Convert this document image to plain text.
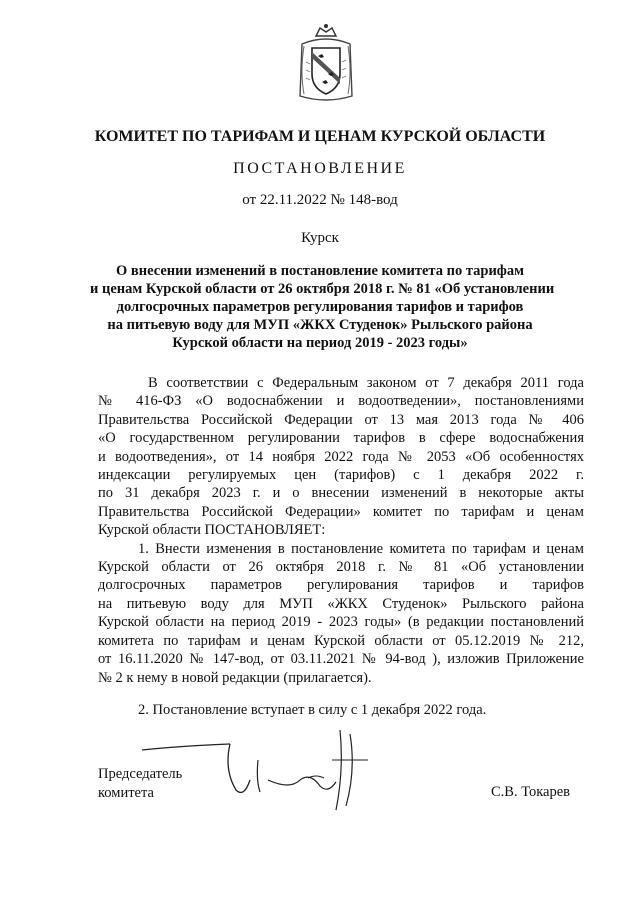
КОМИТЕТ ПО ТАРИФАМ И ЦЕНАМ КУРСКОЙ ОБЛАСТИ
ПОСТАНОВЛЕНИЕ
от 22.11.2022 № 148-вод
Курск
О внесении изменений в постановление комитета по тарифам
и ценам Курской области от 26 октября 2018 г. № 81 «Об установлении
долгосрочных параметров регулирования тарифов и тарифов
на питьевую воду для МУП «ЖКХ Студенок» Рыльского района
Курской области на период 2019 - 2023 годы»
В соответствии с Федеральным законом от 7 декабря 2011 года
№ 416-ФЗ «О водоснабжении и водоотведении», постановлениями
Правительства Российской Федерации от 13 мая 2013 года № 406
«О государственном регулировании тарифов в сфере водоснабжения
и водоотведения», от 14 ноября 2022 года № 2053 «Об особенностях
индексации регулируемых цен (тарифов) с 1 декабря 2022 г.
по 31 декабря 2023 г. и о внесении изменений в некоторые акты
Правительства Российской Федерации» комитет по тарифам и ценам
Курской области ПОСТАНОВЛЯЕТ:
1. Внести изменения в постановление комитета по тарифам и ценам
Курской области от 26 октября 2018 г. № 81 «Об установлении
долгосрочных параметров регулирования тарифов и тарифов
на питьевую воду для МУП «ЖКХ Студенок» Рыльского района
Курской области на период 2019 - 2023 годы» (в редакции постановлений
комитета по тарифам и ценам Курской области от 05.12.2019 № 212,
от 16.11.2020 № 147-вод, от 03.11.2021 № 94-вод ), изложив Приложение
№ 2 к нему в новой редакции (прилагается).
2. Постановление вступает в силу с 1 декабря 2022 года.
Председатель
комитета	С.В. Токарев
